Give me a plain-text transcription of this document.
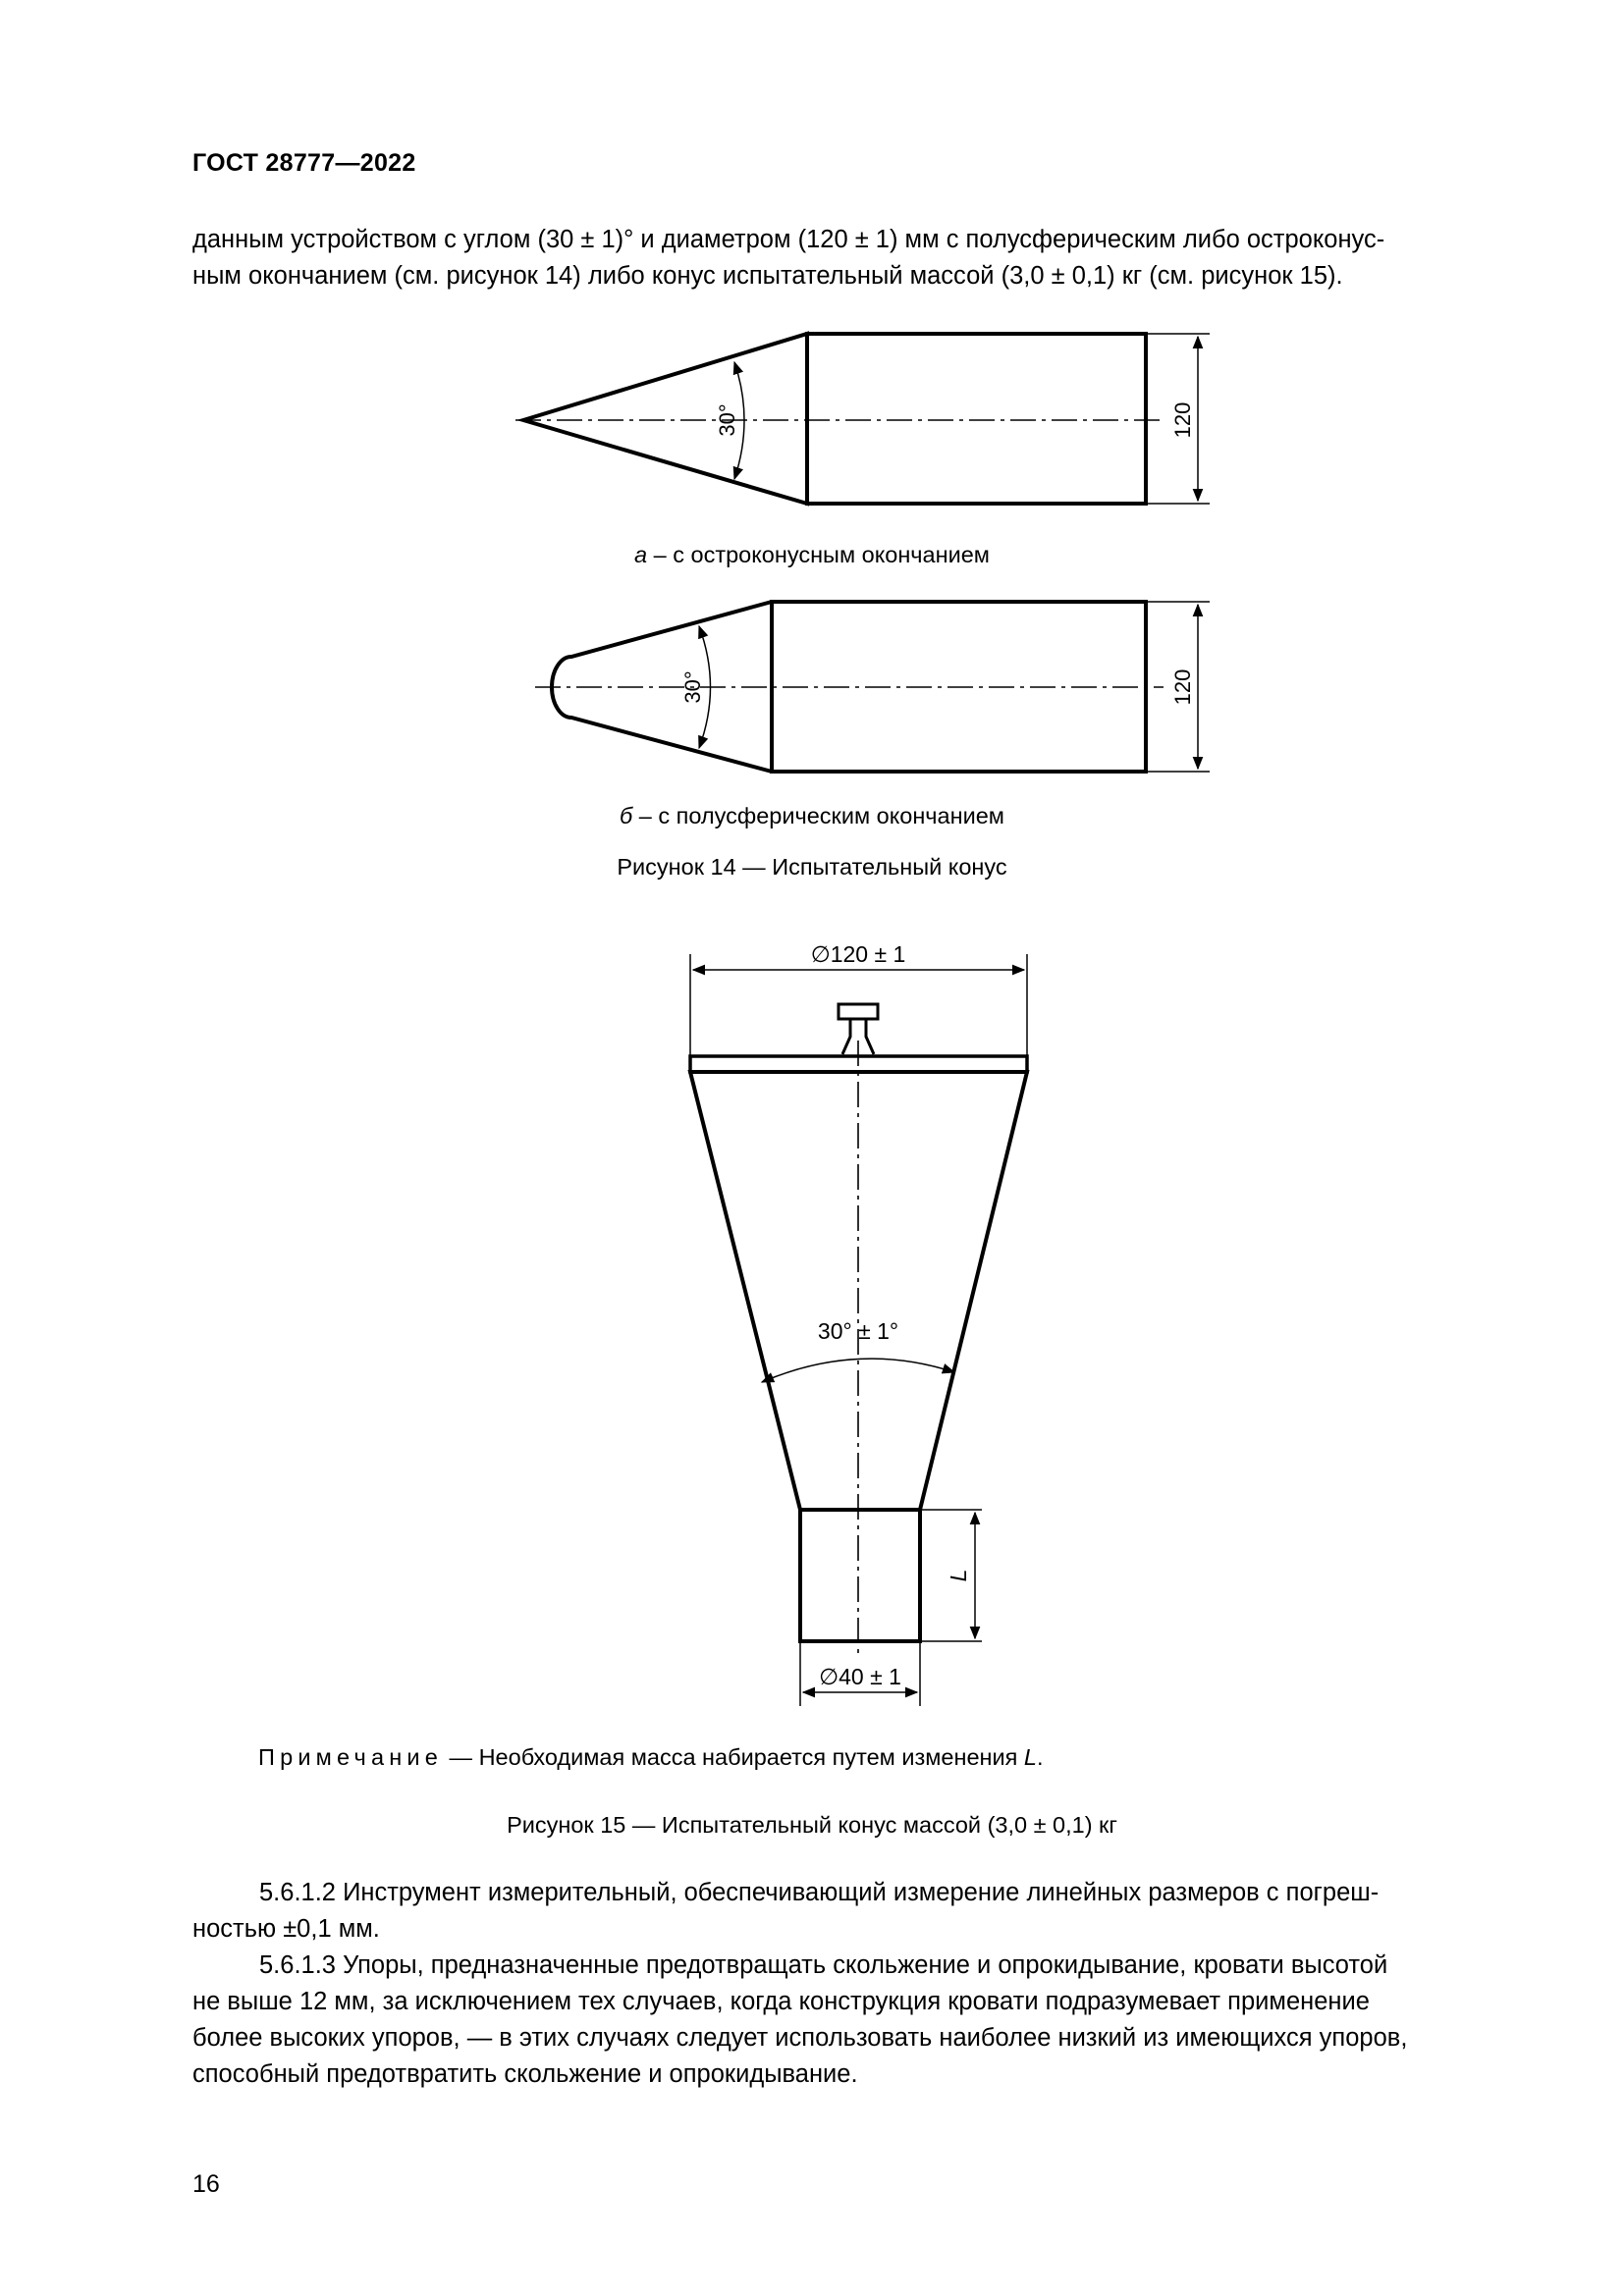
ГОСТ 28777—2022
данным устройством с углом (30 ± 1)° и диаметром (120 ± 1) мм с полусферическим либо остроконус-
ным окончанием (см. рисунок 14) либо конус испытательный массой (3,0 ± 0,1) кг (см. рисунок 15).
30°	120
30°	120
∅120 ± 1
30° ± 1°
L
∅40 ± 1
а – с остроконусным окончанием
б – с полусферическим окончанием
Рисунок 14 — Испытательный конус
Примечание — Необходимая масса набирается путем изменения L.
Рисунок 15 — Испытательный конус массой (3,0 ± 0,1) кг
5.6.1.2 Инструмент измерительный, обеспечивающий измерение линейных размеров с погреш-
ностью ±0,1 мм.
5.6.1.3 Упоры, предназначенные предотвращать скольжение и опрокидывание, кровати высотой
не выше 12 мм, за исключением тех случаев, когда конструкция кровати подразумевает применение
более высоких упоров, — в этих случаях следует использовать наиболее низкий из имеющихся упоров,
способный предотвратить скольжение и опрокидывание.
16
